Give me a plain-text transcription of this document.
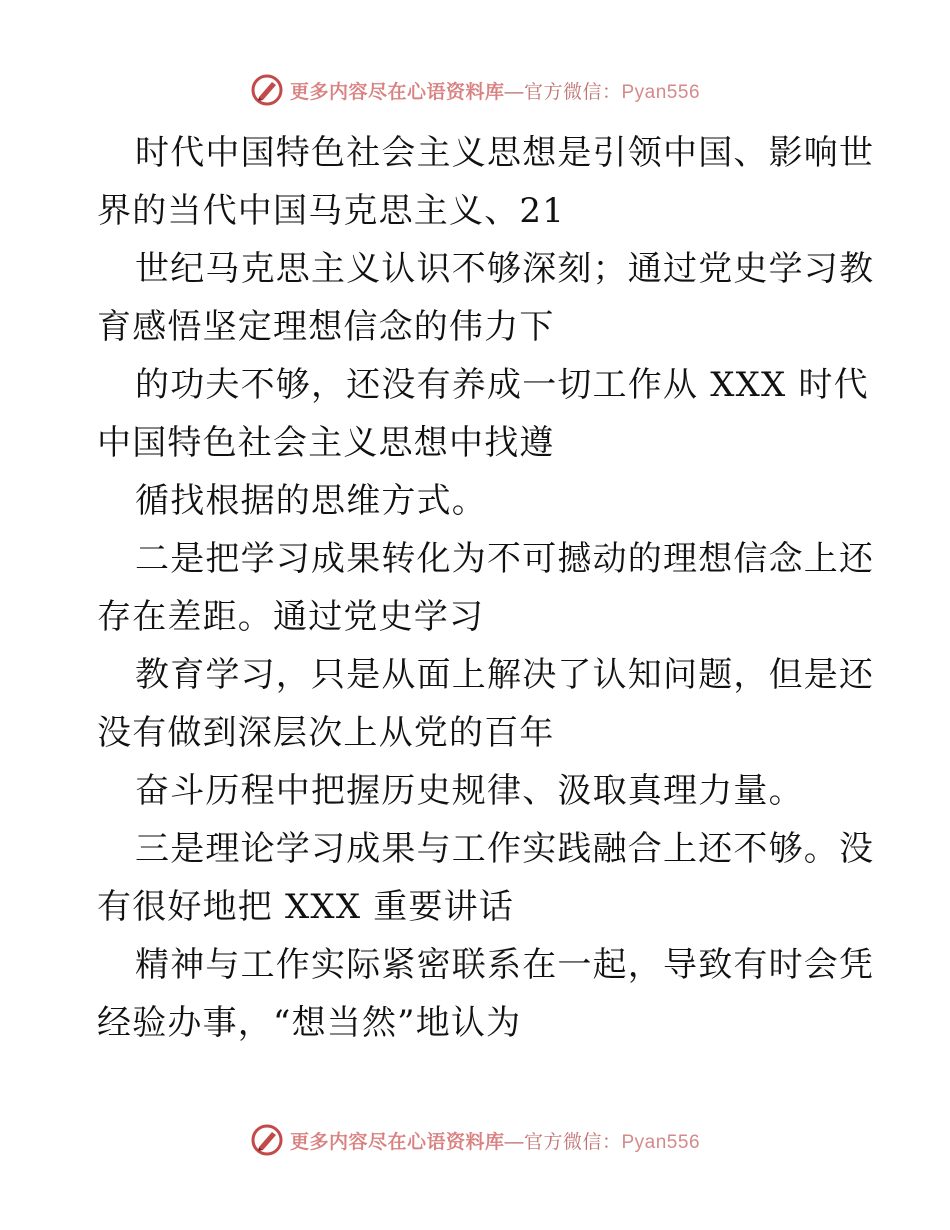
更多内容尽在心语资料库—官方微信：Pyan556
时代中国特色社会主义思想是引领中国、影响世
界的当代中国马克思主义、21
世纪马克思主义认识不够深刻；通过党史学习教
育感悟坚定理想信念的伟力下
的功夫不够，还没有养成一切工作从 XXX 时代
中国特色社会主义思想中找遵
循找根据的思维方式。
二是把学习成果转化为不可撼动的理想信念上还
存在差距。通过党史学习
教育学习，只是从面上解决了认知问题，但是还
没有做到深层次上从党的百年
奋斗历程中把握历史规律、汲取真理力量。
三是理论学习成果与工作实践融合上还不够。没
有很好地把 XXX 重要讲话
精神与工作实际紧密联系在一起，导致有时会凭
经验办事，“想当然”地认为
更多内容尽在心语资料库—官方微信：Pyan556
